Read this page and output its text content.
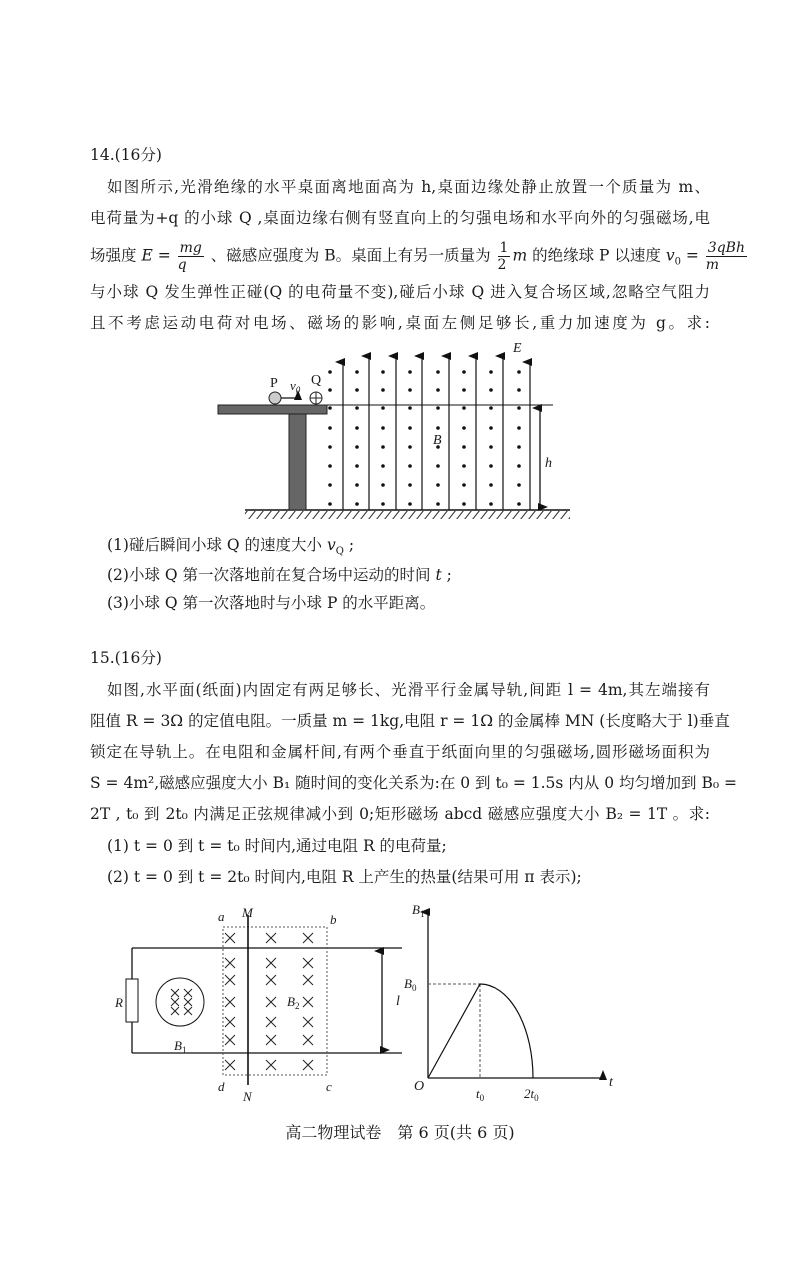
14.(16分)
如图所示,光滑绝缘的水平桌面离地面高为 h,桌面边缘处静止放置一个质量为 m、
电荷量为+q 的小球 Q ,桌面边缘右侧有竖直向上的匀强电场和水平向外的匀强磁场,电
场强度 $E = \frac{mg}{q}$ 、磁感应强度为 B。桌面上有另一质量为 $\frac{1}{2}$ m 的绝缘球 P 以速度 $v_0 = \frac{\text{3qBh}}{m}$
与小球 Q 发生弹性正碰(Q 的电荷量不变),碰后小球 Q 进入复合场区域,忽略空气阻力
且不考虑运动电荷对电场、磁场的影响,桌面左侧足够长,重力加速度为 g。求:
(1)碰后瞬间小球 Q 的速度大小 $v_Q$ ;
(2)小球 Q 第一次落地前在复合场中运动的时间 t ;
(3)小球 Q 第一次落地时与小球 P 的水平距离。
15.(16分)
如图,水平面(纸面)内固定有两足够长、光滑平行金属导轨,间距 l = 4m,其左端接有
阻值 R = 3Ω 的定值电阻。一质量 m = 1kg,电阻 r = 1Ω 的金属棒 MN (长度略大于 l)垂直
锁定在导轨上。在电阻和金属杆间,有两个垂直于纸面向里的匀强磁场,圆形磁场面积为
S = 4m²,磁感应强度大小 B₁ 随时间的变化关系为:在 0 到 t₀ = 1.5s 内从 0 均匀增加到 B₀ =
2T , t₀ 到 2t₀ 内满足正弦规律减小到 0;矩形磁场 abcd 磁感应强度大小 B₂ = 1T 。求:
(1) t = 0 到 t = t₀ 时间内,通过电阻 R 的电荷量;
(2) t = 0 到 t = 2t₀ 时间内,电阻 R 上产生的热量(结果可用 π 表示);
P $v_0$
Q
E
B
h
a M	b
d
N
c
R
$B_1$
$B_2$	l
$B_1$
$B_0$
O	$t_0$	$2t_0$
t
高二物理试卷　第 6 页(共 6 页)
